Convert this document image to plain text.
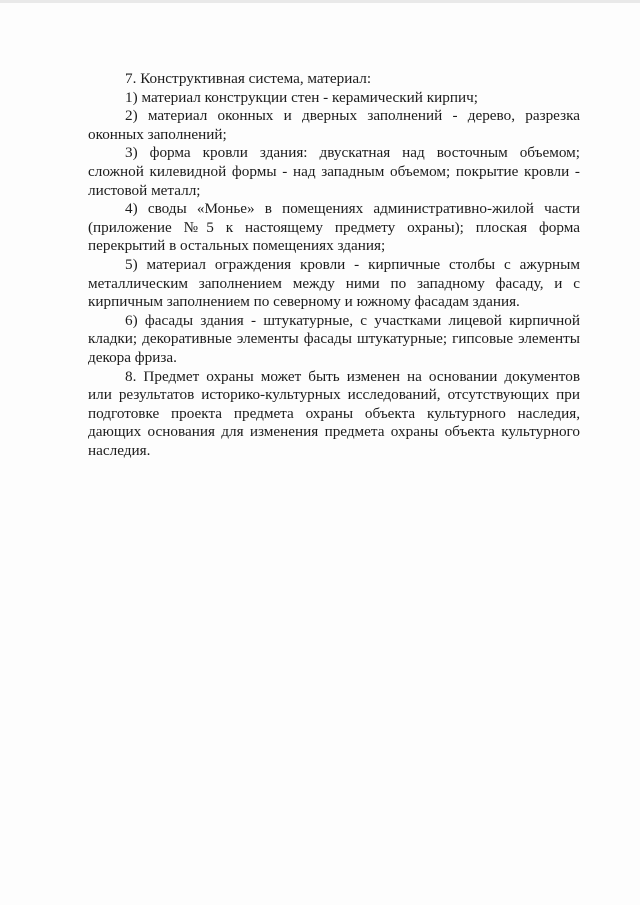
7. Конструктивная система, материал:

1) материал конструкции стен - керамический кирпич;

2) материал оконных и дверных заполнений - дерево, разрезка оконных заполнений;

3) форма кровли здания: двускатная над восточным объемом; сложной килевидной формы - над западным объемом; покрытие кровли - листовой металл;

4) своды «Монье» в помещениях административно-жилой части (приложение №5 к настоящему предмету охраны); плоская форма перекрытий в остальных помещениях здания;

5) материал ограждения кровли - кирпичные столбы с ажурным металлическим заполнением между ними по западному фасаду, и с кирпичным заполнением по северному и южному фасадам здания.

6) фасады здания - штукатурные, с участками лицевой кирпичной кладки; декоративные элементы фасады штукатурные; гипсовые элементы декора фриза.

8. Предмет охраны может быть изменен на основании документов или результатов историко-культурных исследований, отсутствующих при подготовке проекта предмета охраны объекта культурного наследия, дающих основания для изменения предмета охраны объекта культурного наследия.
